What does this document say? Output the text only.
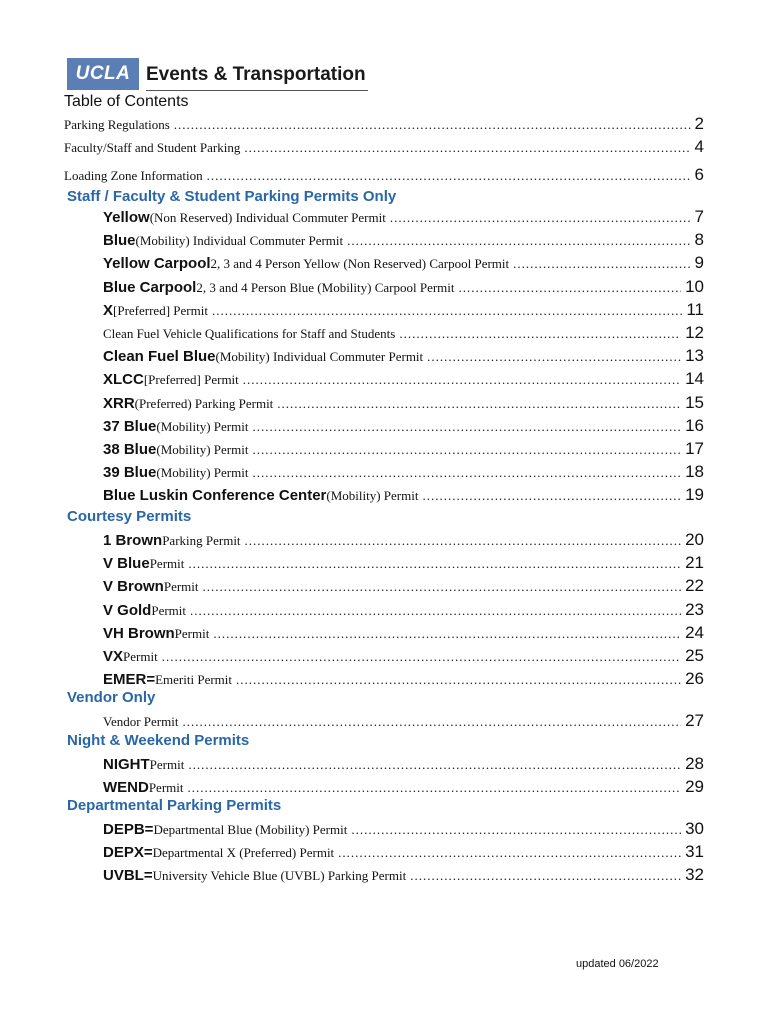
UCLA Events & Transportation
Table of Contents
Parking Regulations .....	2
Faculty/Staff and Student Parking .....	4
Loading Zone Information .....	6
Staff / Faculty & Student Parking Permits Only
Yellow (Non Reserved) Individual Commuter Permit .....	7
Blue (Mobility) Individual Commuter Permit .....	8
Yellow Carpool 2, 3 and 4 Person Yellow (Non Reserved) Carpool Permit .....	9
Blue Carpool 2, 3 and 4 Person Blue (Mobility) Carpool Permit .....	10
X [Preferred] Permit .....	11
Clean Fuel Vehicle Qualifications for Staff and Students .....	12
Clean Fuel Blue (Mobility) Individual Commuter Permit .....	13
XLCC [Preferred] Permit .....	14
XRR (Preferred) Parking Permit .....	15
37 Blue (Mobility) Permit .....	16
38 Blue (Mobility) Permit .....	17
39 Blue (Mobility) Permit .....	18
Blue Luskin Conference Center (Mobility) Permit .....	19
Courtesy Permits
1 Brown Parking Permit .....	20
V Blue Permit .....	21
V Brown Permit .....	22
V Gold Permit .....	23
VH Brown Permit .....	24
VX Permit .....	25
EMER= Emeriti Permit .....	26
Vendor Only
Vendor Permit .....	27
Night & Weekend Permits
NIGHT Permit .....	28
WEND Permit .....	29
Departmental Parking Permits
DEPB= Departmental Blue (Mobility) Permit .....	30
DEPX= Departmental X (Preferred) Permit .....	31
UVBL= University Vehicle Blue (UVBL) Parking Permit .....	32
updated 06/2022
